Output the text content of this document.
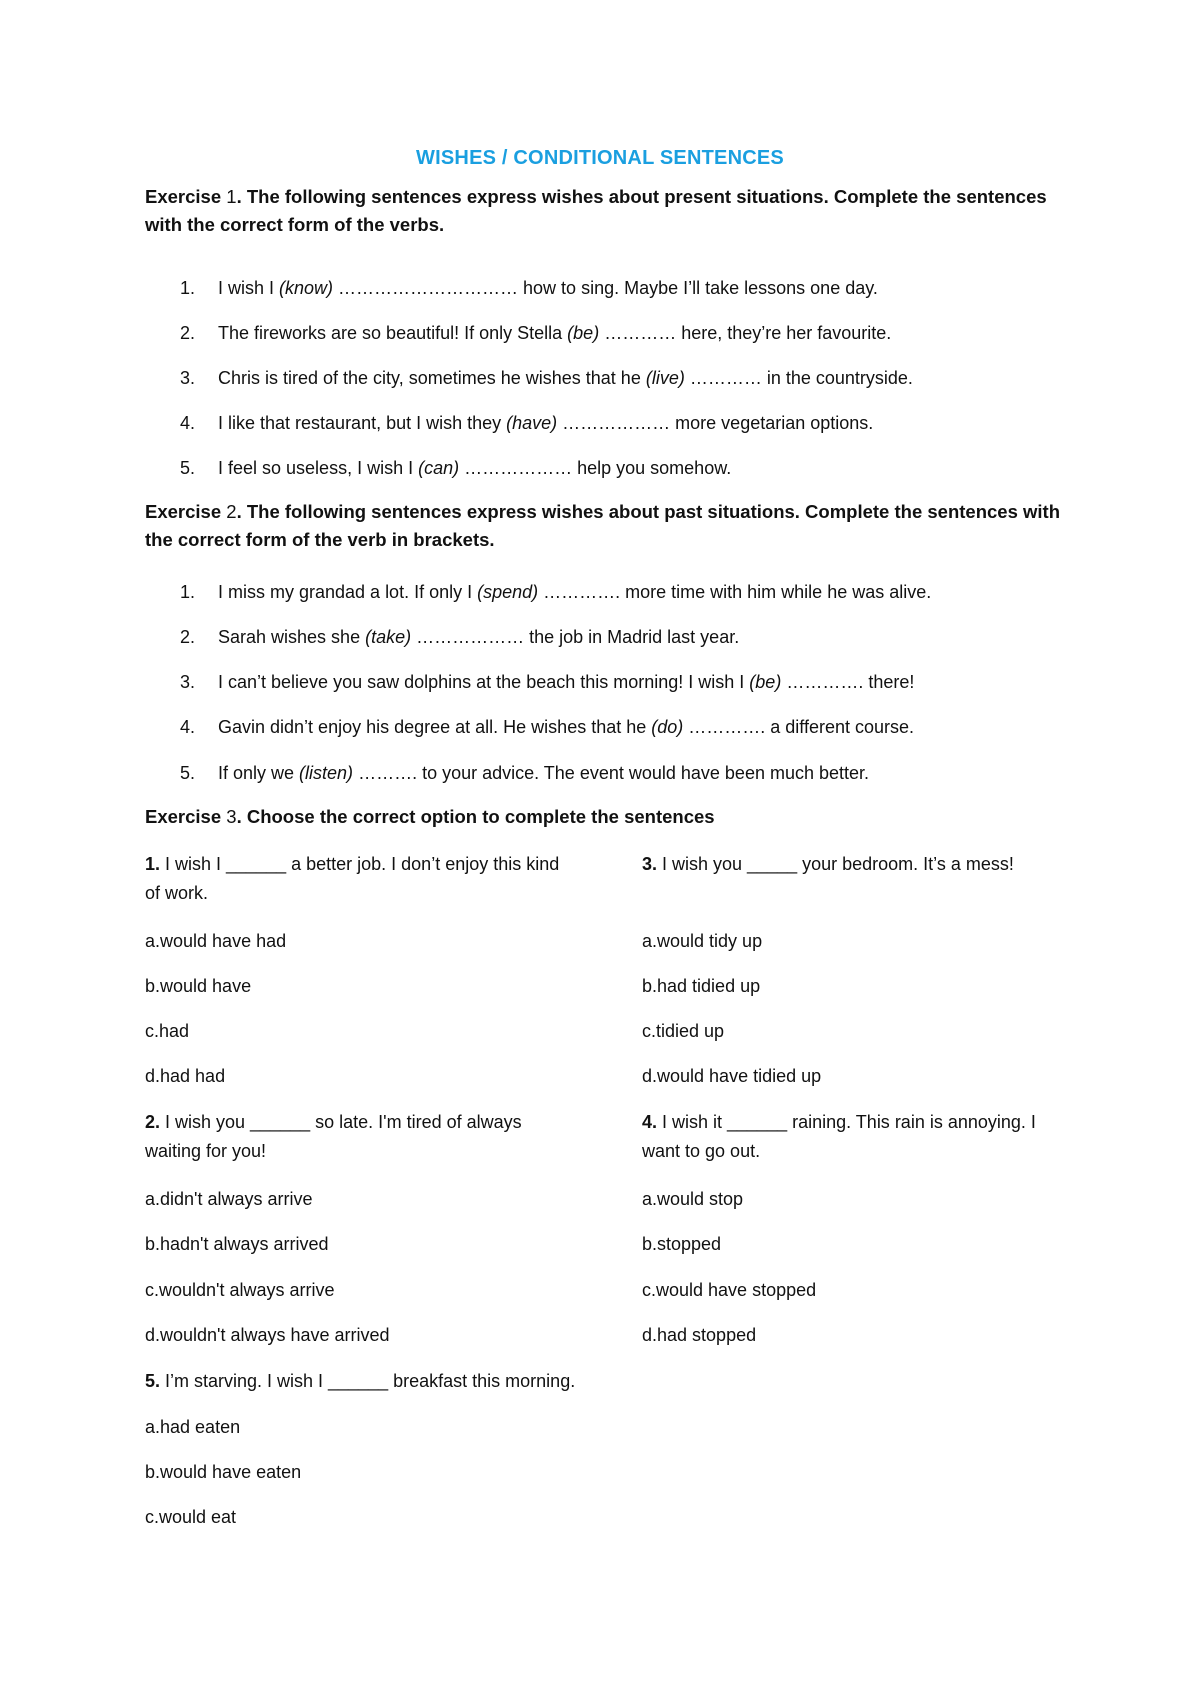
WISHES / CONDITIONAL SENTENCES
Exercise 1. The following sentences express wishes about present situations. Complete the sentences with the correct form of the verbs.
1.	I wish I (know) ………………………… how to sing. Maybe I’ll take lessons one day.
2.	The fireworks are so beautiful! If only Stella (be) ………… here, they’re her favourite.
3.	Chris is tired of the city, sometimes he wishes that he (live) ………… in the countryside.
4.	I like that restaurant, but I wish they (have) ……………… more vegetarian options.
5.	I feel so useless, I wish I (can) ……………… help you somehow.
Exercise 2. The following sentences express wishes about past situations. Complete the sentences with the correct form of the verb in brackets.
1.	I miss my grandad a lot. If only I (spend) …………. more time with him while he was alive.
2.	Sarah wishes she (take) ……………… the job in Madrid last year.
3.	I can’t believe you saw dolphins at the beach this morning! I wish I (be) …………. there!
4.	Gavin didn’t enjoy his degree at all. He wishes that he (do) …………. a different course.
5.	If only we (listen) ………. to your advice. The event would have been much better.
Exercise 3. Choose the correct option to complete the sentences
1. I wish I ______ a better job. I don’t enjoy this kind of work.
a.would have had
b.would have
c.had
d.had had
3. I wish you _____ your bedroom. It’s a mess!
a.would tidy up
b.had tidied up
c.tidied up
d.would have tidied up
2. I wish you ______ so late. I'm tired of always waiting for you!
a.didn't always arrive
b.hadn't always arrived
c.wouldn't always arrive
d.wouldn't always have arrived
4. I wish it ______ raining. This rain is annoying. I want to go out.
a.would stop
b.stopped
c.would have stopped
d.had stopped
5. I’m starving. I wish I ______ breakfast this morning.
a.had eaten
b.would have eaten
c.would eat
